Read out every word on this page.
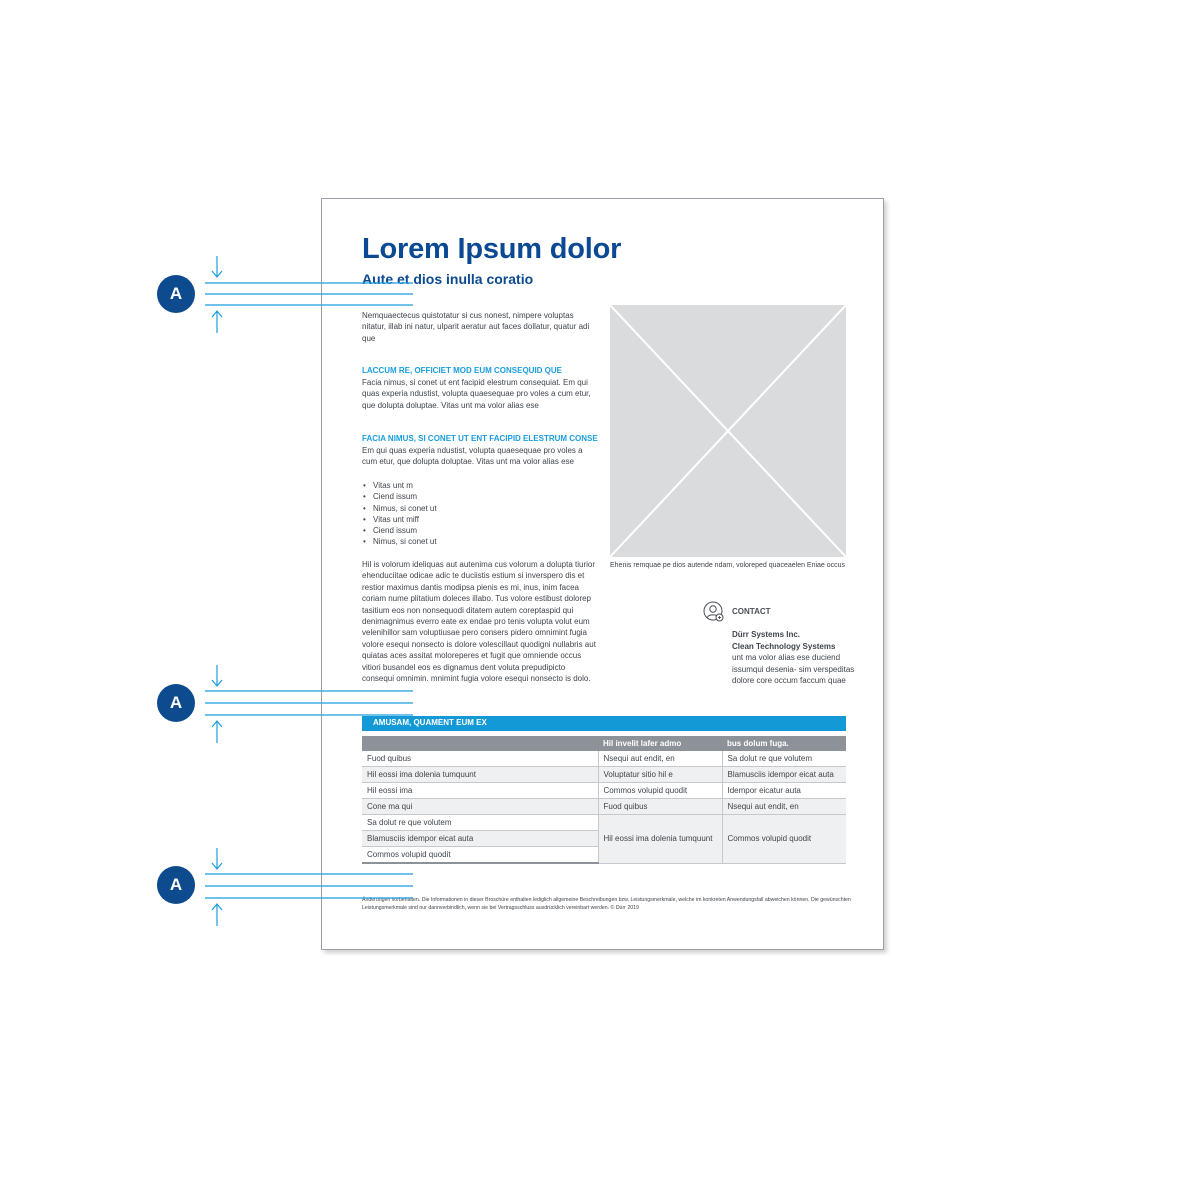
Lorem Ipsum dolor
Aute et dios inulla coratio
Nemquaectecus quistotatur si cus nonest, nimpere voluptas nitatur, illab ini natur, ulparit aeratur aut faces dollatur, quatur adi que
LACCUM RE, OFFICIET MOD EUM CONSEQUID QUE
Facia nimus, si conet ut ent facipid elestrum consequiat. Em qui quas experia ndustist, volupta quaesequae pro voles a cum etur, que dolupta doluptae. Vitas unt ma volor alias ese
FACIA NIMUS, SI CONET UT ENT FACIPID ELESTRUM CONSE
Em qui quas experia ndustist, volupta quaesequae pro voles a cum etur, que dolupta doluptae. Vitas unt ma volor alias ese
• Vitas unt m
• Ciend issum
• Nimus, si conet ut
• Vitas unt miff
• Ciend issum
• Nimus, si conet ut
Hil is volorum ideliquas aut autenima cus volorum a dolupta tiurior ehenduciitae odicae adic te duciistis estium si inverspero dis et restior maximus dantis modipsa pienis es mi, inus, inim facea coriam nume plitatium doleces illabo. Tus volore estibust dolorep tasitium eos non nonsequodi ditatem autem coreptaspid qui denimagnimus everro eate ex endae pro tenis volupta volut eum velenihillor sam voluptiusae pero consers pidero omnimint fugia volore esequi nonsecto is dolore volescillaut quodigni nullabris aut quiatas aces assitat moloreperes et fugit que omniende occus vitiori busandel eos es dignamus dent voluta prepudipicto consequi omnimin. mnimint fugia volore esequi nonsecto is dolo.
Ehenis remquae pe dios autende ndam, voloreped quaceaelen Eniae occus
CONTACT
Dürr Systems Inc.
Clean Technology Systems
unt ma volor alias ese duciend issumqui desenia- sim verspeditas dolore core occum faccum quae
AMUSAM, QUAMENT EUM EX
	Hil invelit lafer admo	bus dolum fuga.
Fuod quibus	Nsequi aut endit, en	Sa dolut re que volutem
Hil eossi ima dolenia tumquunt	Voluptatur sitio hil e	Blamusciis idempor eicat auta
Hil eossi ima	Commos volupid quodit	Idempor eicatur auta
Cone ma qui	Fuod quibus	Nsequi aut endit, en
Sa dolut re que volutem	Hil eossi ima dolenia tumquunt	Commos volupid quodit
Blamusciis idempor eicat auta		
Commos volupid quodit		
Änderungen vorbehalten. Die Informationen in dieser Broschüre enthalten lediglich allgemeine Beschreibungen bzw. Leistungsmerkmale, welche im konkreten Anwendungsfall abweichen können. Die gewünschten Leistungsmerkmale sind nur dannverbindlich, wenn sie bei Vertragsschluss ausdrücklich vereinbart werden. © Dürr 2019
A
A
A
